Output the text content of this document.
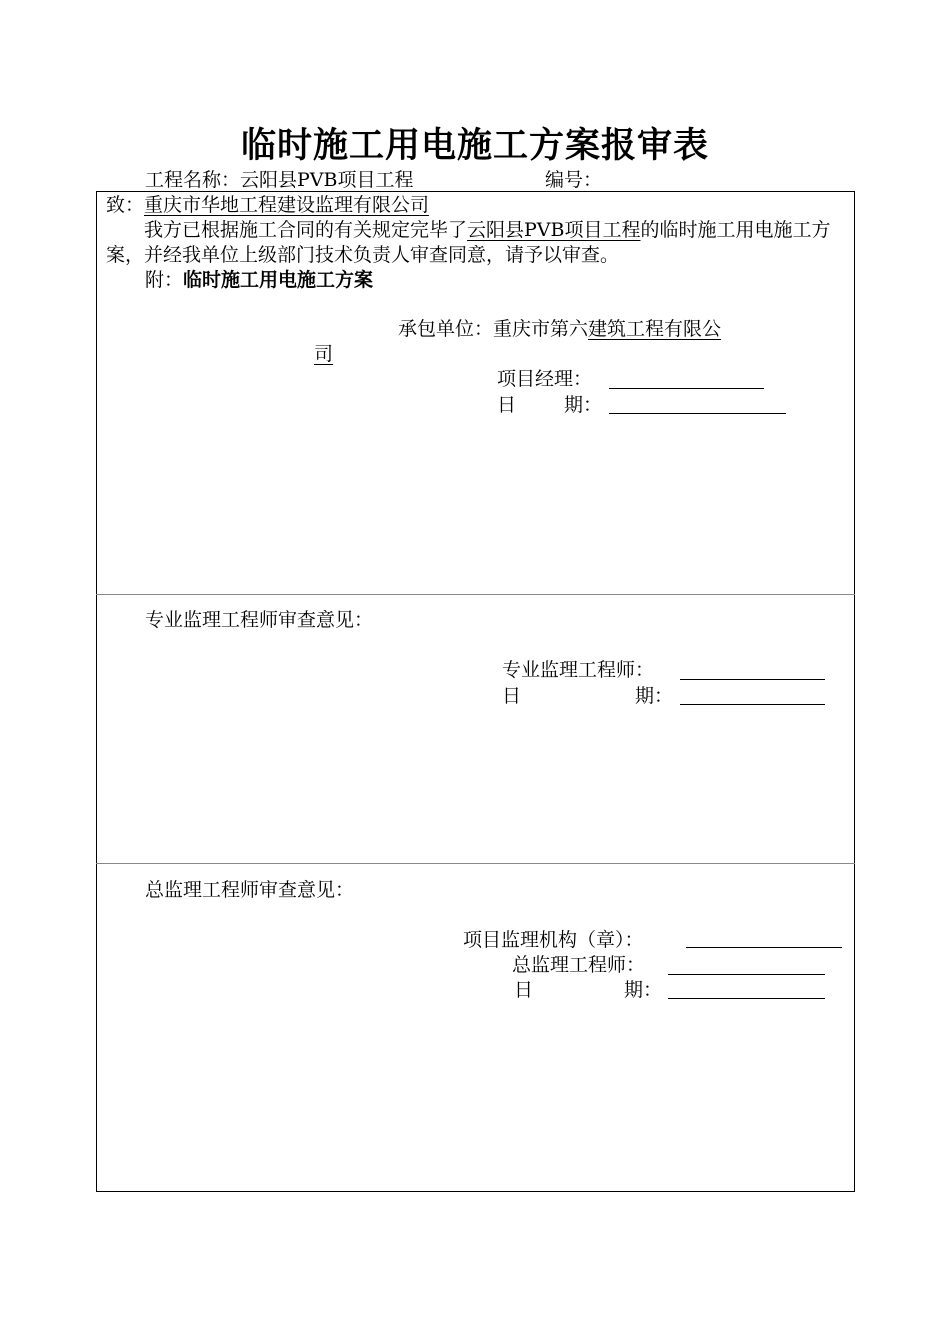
临时施工用电施工方案报审表
工程名称：云阳县PVB项目工程	编号：
致：重庆市华地工程建设监理有限公司
我方已根据施工合同的有关规定完毕了云阳县PVB项目工程的临时施工用电施工方案，并经我单位上级部门技术负责人审查同意，请予以审查。
附：临时施工用电施工方案
承包单位：重庆市第六建筑工程有限公
司
项目经理：
日	期：
专业监理工程师审查意见：
专业监理工程师：
日	期：
总监理工程师审查意见：
项目监理机构（章）：
总监理工程师：
日	期：
